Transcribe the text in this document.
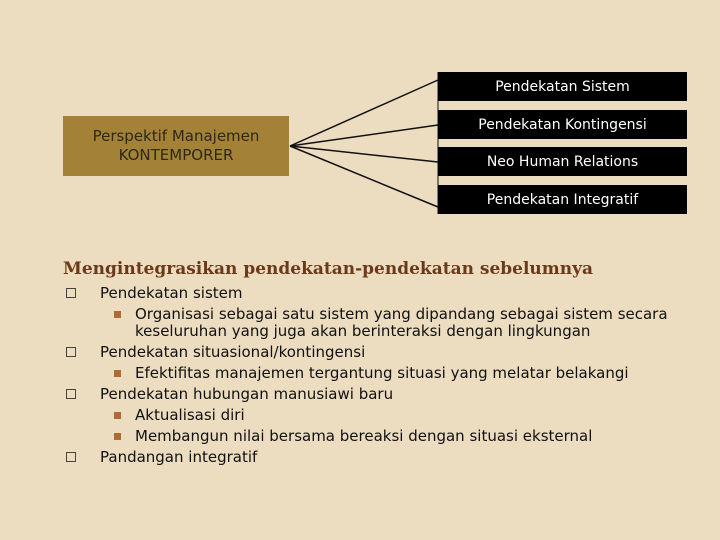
Perspektif Manajemen
KONTEMPORER
Pendekatan Sistem
Pendekatan Kontingensi
Neo Human Relations
Pendekatan Integratif
Mengintegrasikan pendekatan-pendekatan sebelumnya
Pendekatan sistem
Organisasi sebagai satu sistem yang dipandang sebagai sistem secara keseluruhan yang juga akan berinteraksi dengan lingkungan
Pendekatan situasional/kontingensi
Efektifitas manajemen tergantung situasi yang melatar belakangi
Pendekatan hubungan manusiawi baru
Aktualisasi diri
Membangun nilai bersama bereaksi dengan situasi eksternal
Pandangan integratif
